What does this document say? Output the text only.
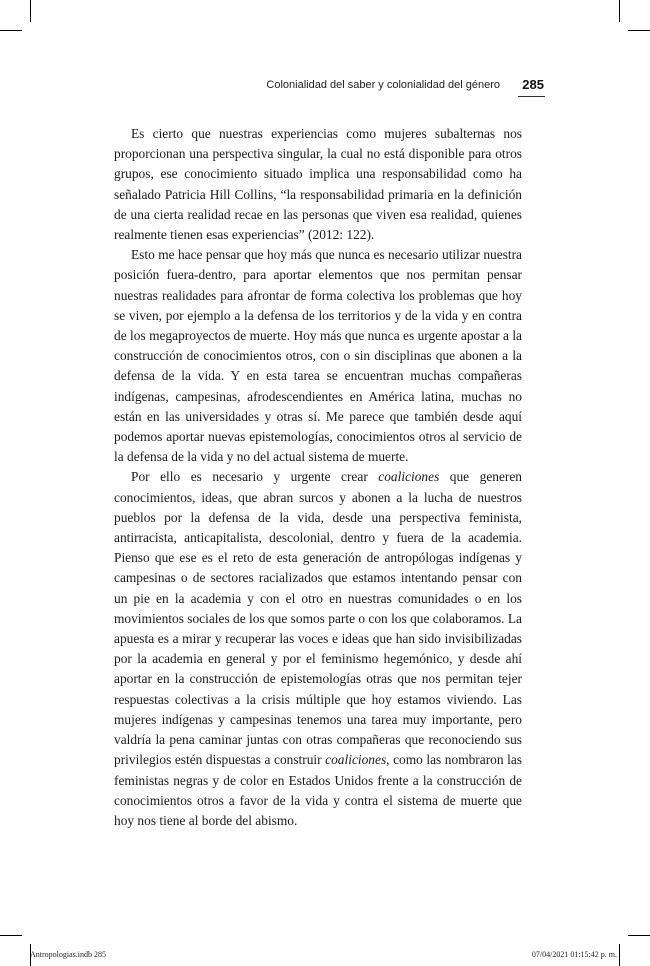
Colonialidad del saber y colonialidad del género	285

Es cierto que nuestras experiencias como mujeres subalternas nos proporcionan una perspectiva singular, la cual no está disponible para otros grupos, ese conocimiento situado implica una responsabilidad como ha señalado Patricia Hill Collins, “la responsabilidad primaria en la definición de una cierta realidad recae en las personas que viven esa realidad, quienes realmente tienen esas experiencias” (2012: 122).

Esto me hace pensar que hoy más que nunca es necesario utilizar nuestra posición fuera-dentro, para aportar elementos que nos permitan pensar nuestras realidades para afrontar de forma colectiva los problemas que hoy se viven, por ejemplo a la defensa de los territorios y de la vida y en contra de los megaproyectos de muerte. Hoy más que nunca es urgente apostar a la construcción de conocimientos otros, con o sin disciplinas que abonen a la defensa de la vida. Y en esta tarea se encuentran muchas compañeras indígenas, campesinas, afrodescendientes en América latina, muchas no están en las universidades y otras sí. Me parece que también desde aquí podemos aportar nuevas epistemologías, conocimientos otros al servicio de la defensa de la vida y no del actual sistema de muerte.

Por ello es necesario y urgente crear coaliciones que generen conocimientos, ideas, que abran surcos y abonen a la lucha de nuestros pueblos por la defensa de la vida, desde una perspectiva feminista, antirracista, anticapitalista, descolonial, dentro y fuera de la academia. Pienso que ese es el reto de esta generación de antropólogas indígenas y campesinas o de sectores racializados que estamos intentando pensar con un pie en la academia y con el otro en nuestras comunidades o en los movimientos sociales de los que somos parte o con los que colaboramos. La apuesta es a mirar y recuperar las voces e ideas que han sido invisibilizadas por la academia en general y por el feminismo hegemónico, y desde ahí aportar en la construcción de epistemologías otras que nos permitan tejer respuestas colectivas a la crisis múltiple que hoy estamos viviendo. Las mujeres indígenas y campesinas tenemos una tarea muy importante, pero valdría la pena caminar juntas con otras compañeras que reconociendo sus privilegios estén dispuestas a construir coaliciones, como las nombraron las feministas negras y de color en Estados Unidos frente a la construcción de conocimientos otros a favor de la vida y contra el sistema de muerte que hoy nos tiene al borde del abismo.

Antropologias.indb 285	07/04/2021 01:15:42 p. m.
